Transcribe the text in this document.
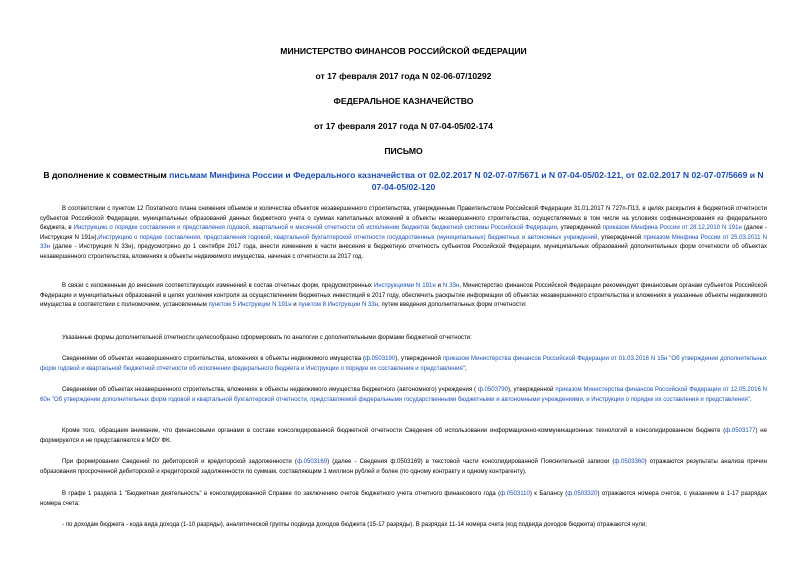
МИНИСТЕРСТВО ФИНАНСОВ РОССИЙСКОЙ ФЕДЕРАЦИИ
от 17 февраля 2017 года N 02-06-07/10292
ФЕДЕРАЛЬНОЕ КАЗНАЧЕЙСТВО
от 17 февраля 2017 года N 07-04-05/02-174
ПИСЬМО
В дополнение к совместным письмам Минфина России и Федерального казначейства от 02.02.2017 N 02-07-07/5671 и N 07-04-05/02-121, от 02.02.2017 N 02-07-07/5669 и N 07-04-05/02-120
В соответствии с пунктом 12 Поэтапного плана снижения объемов и количества объектов незавершенного строительства, утвержденным Правительством Российской Федерации 31.01.2017 N 727п-П13, в целях раскрытия в бюджетной отчетности субъектов Российской Федерации, муниципальных образований данных бюджетного учета о суммах капитальных вложений в объекты незавершенного строительства, осуществляемых в том числе на условиях софинансирования из федерального бюджета, в Инструкцию о порядке составления и представления годовой, квартальной и месячной отчетности об исполнении бюджетов бюджетной системы Российской Федерации, утвержденной приказом Минфина России от 28.12.2010 N 191н (далее - Инструкция N 191н),Инструкцию о порядке составления, представления годовой, квартальной бухгалтерской отчетности государственных (муниципальных) бюджетных и автономных учреждений, утвержденной приказом Минфина России от 25.03.2011 N 33н (далее - Инструкция N 33н), предусмотрено до 1 сентября 2017 года, внести изменения в части внесения в бюджетную отчетность субъектов Российской Федерации, муниципальных образований дополнительных форм отчетности об объектах незавершенного строительства, вложениях в объекты недвижимого имущества, начиная с отчетности за 2017 год.
В связи с изложенным до внесения соответствующих изменений в состав отчетных форм, предусмотренных Инструкциями N 191н и N 33н, Министерство финансов Российской Федерации рекомендует финансовым органам субъектов Российской Федерации и муниципальных образований в целях усиления контроля за осуществлением бюджетных инвестиций в 2017 году, обеспечить раскрытие информации об объектах незавершенного строительства и вложениях в указанные объекты недвижимого имущества в соответствии с полномочием, установленным пунктом 5 Инструкции N 191н и пунктом 8 Инструкции N 33н, путем введения дополнительных форм отчетности:
Указанные формы дополнительной отчетности целесообразно сформировать по аналогии с дополнительными формами бюджетной отчетности:
Сведениями об объектах незавершенного строительства, вложениях в объекты недвижимого имущества (ф.0503190), утвержденной приказом Министерства финансов Российской Федерации от 01.03.2016 N 15н "Об утверждении дополнительных форм годовой и квартальной бюджетной отчетности об исполнении федерального бюджета и Инструкции о порядке их составления и представления";
Сведениями об объектах незавершенного строительства, вложениях в объекты недвижимого имущества бюджетного (автономного) учреждения ( ф.0503790), утвержденной приказом Министерства финансов Российской Федерации от 12.05.2016 N 60н "Об утверждении дополнительных форм годовой и квартальной бухгалтерской отчетности, представляемой федеральными государственными бюджетными и автономными учреждениями, и Инструкции о порядке их составления и представления".
Кроме того, обращаем внимание, что финансовыми органами в составе консолидированной бюджетной отчетности Сведения об использовании информационно-коммуникационных технологий в консолидированном бюджете (ф.0503177) не формируются и не представляются в МОУ ФК.
При формировании Сведений по дебиторской и кредиторской задолженности (ф.0503169) (далее - Сведения ф.0503169) в текстовой части консолидированной Пояснительной записки (ф.0503360) отражаются результаты анализа причин образования просроченной дебиторской и кредиторской задолженности по суммам, составляющим 1 миллион рублей и более (по одному контракту и одному контрагенту).
В графе 1 раздела 1 "Бюджетная деятельность" в консолидированной Справке по заключению счетов бюджетного учета отчетного финансового года (ф.0503110) к Балансу (ф.0503320) отражаются номера счетов, с указанием в 1-17 разрядах номера счета:
- по доходам бюджета - кода вида дохода (1-10 разряды), аналитической группы подвида доходов бюджета (15-17 разряды). В разрядах 11-14 номера счета (код подвида доходов бюджета) отражаются нули;
